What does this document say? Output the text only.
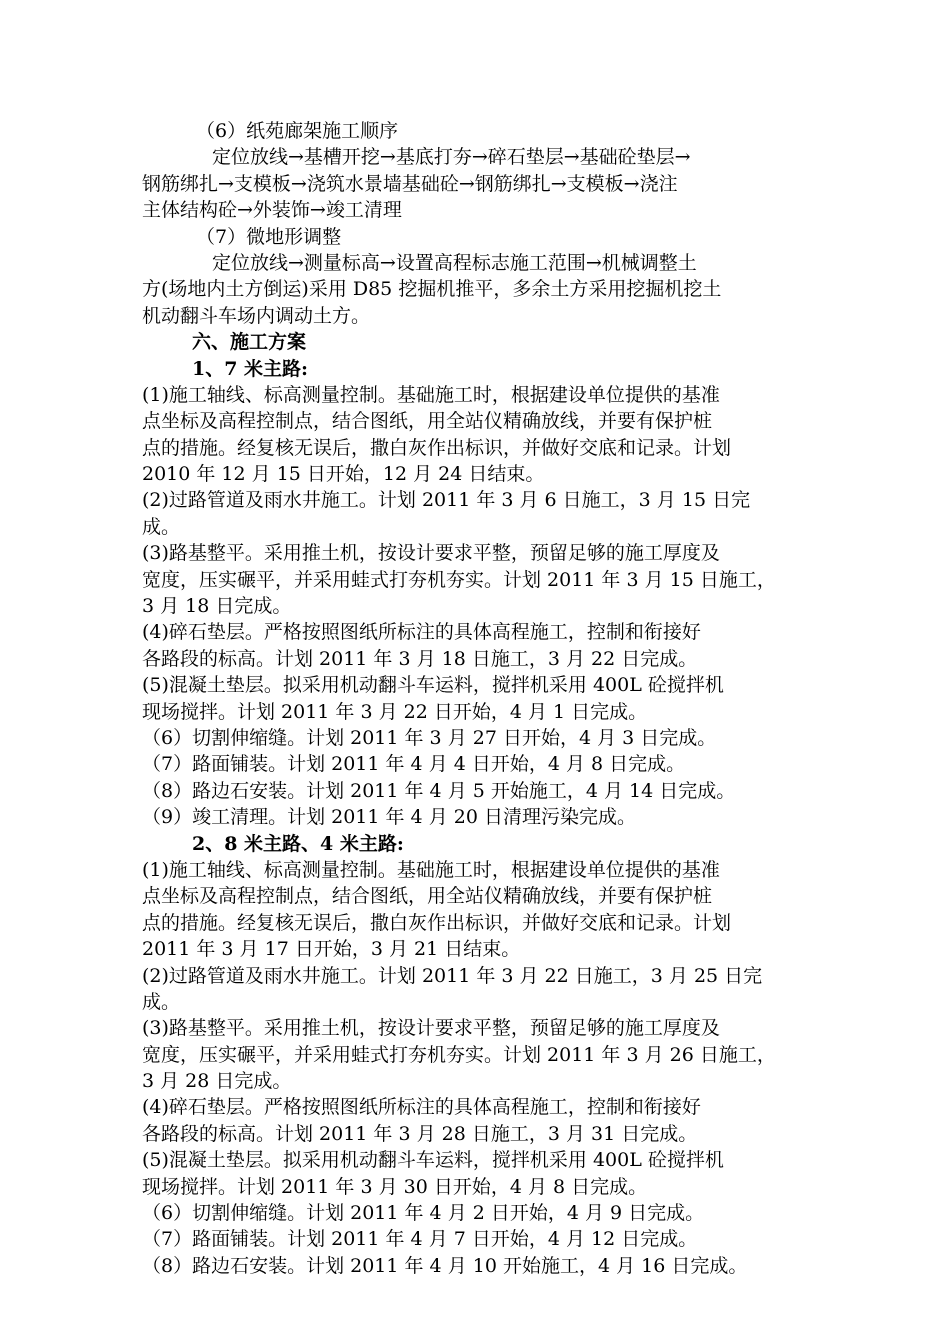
（6）纸苑廊架施工顺序
定位放线→基槽开挖→基底打夯→碎石垫层→基础砼垫层→
钢筋绑扎→支模板→浇筑水景墙基础砼→钢筋绑扎→支模板→浇注
主体结构砼→外装饰→竣工清理
（7）微地形调整
定位放线→测量标高→设置高程标志施工范围→机械调整土
方(场地内土方倒运)采用 D85 挖掘机推平，多余土方采用挖掘机挖土
机动翻斗车场内调动土方。
六、施工方案
1、7 米主路:
(1)施工轴线、标高测量控制。基础施工时，根据建设单位提供的基准
点坐标及高程控制点，结合图纸，用全站仪精确放线，并要有保护桩
点的措施。经复核无误后，撒白灰作出标识，并做好交底和记录。计划
2010 年 12 月 15 日开始，12 月 24 日结束。
(2)过路管道及雨水井施工。计划 2011 年 3 月 6 日施工，3 月 15 日完
成。
(3)路基整平。采用推土机，按设计要求平整，预留足够的施工厚度及
宽度，压实碾平，并采用蛙式打夯机夯实。计划 2011 年 3 月 15 日施工，
3 月 18 日完成。
(4)碎石垫层。严格按照图纸所标注的具体高程施工，控制和衔接好
各路段的标高。计划 2011 年 3 月 18 日施工，3 月 22 日完成。
(5)混凝土垫层。拟采用机动翻斗车运料，搅拌机采用 400L 砼搅拌机
现场搅拌。计划 2011 年 3 月 22 日开始，4 月 1 日完成。
（6）切割伸缩缝。计划 2011 年 3 月 27 日开始，4 月 3 日完成。
（7）路面铺装。计划 2011 年 4 月 4 日开始，4 月 8 日完成。
（8）路边石安装。计划 2011 年 4 月 5 开始施工，4 月 14 日完成。
（9）竣工清理。计划 2011 年 4 月 20 日清理污染完成。
2、8 米主路、4 米主路:
(1)施工轴线、标高测量控制。基础施工时，根据建设单位提供的基准
点坐标及高程控制点，结合图纸，用全站仪精确放线，并要有保护桩
点的措施。经复核无误后，撒白灰作出标识，并做好交底和记录。计划
2011 年 3 月 17 日开始，3 月 21 日结束。
(2)过路管道及雨水井施工。计划 2011 年 3 月 22 日施工，3 月 25 日完
成。
(3)路基整平。采用推土机，按设计要求平整，预留足够的施工厚度及
宽度，压实碾平，并采用蛙式打夯机夯实。计划 2011 年 3 月 26 日施工，
3 月 28 日完成。
(4)碎石垫层。严格按照图纸所标注的具体高程施工，控制和衔接好
各路段的标高。计划 2011 年 3 月 28 日施工，3 月 31 日完成。
(5)混凝土垫层。拟采用机动翻斗车运料，搅拌机采用 400L 砼搅拌机
现场搅拌。计划 2011 年 3 月 30 日开始，4 月 8 日完成。
（6）切割伸缩缝。计划 2011 年 4 月 2 日开始，4 月 9 日完成。
（7）路面铺装。计划 2011 年 4 月 7 日开始，4 月 12 日完成。
（8）路边石安装。计划 2011 年 4 月 10 开始施工，4 月 16 日完成。
